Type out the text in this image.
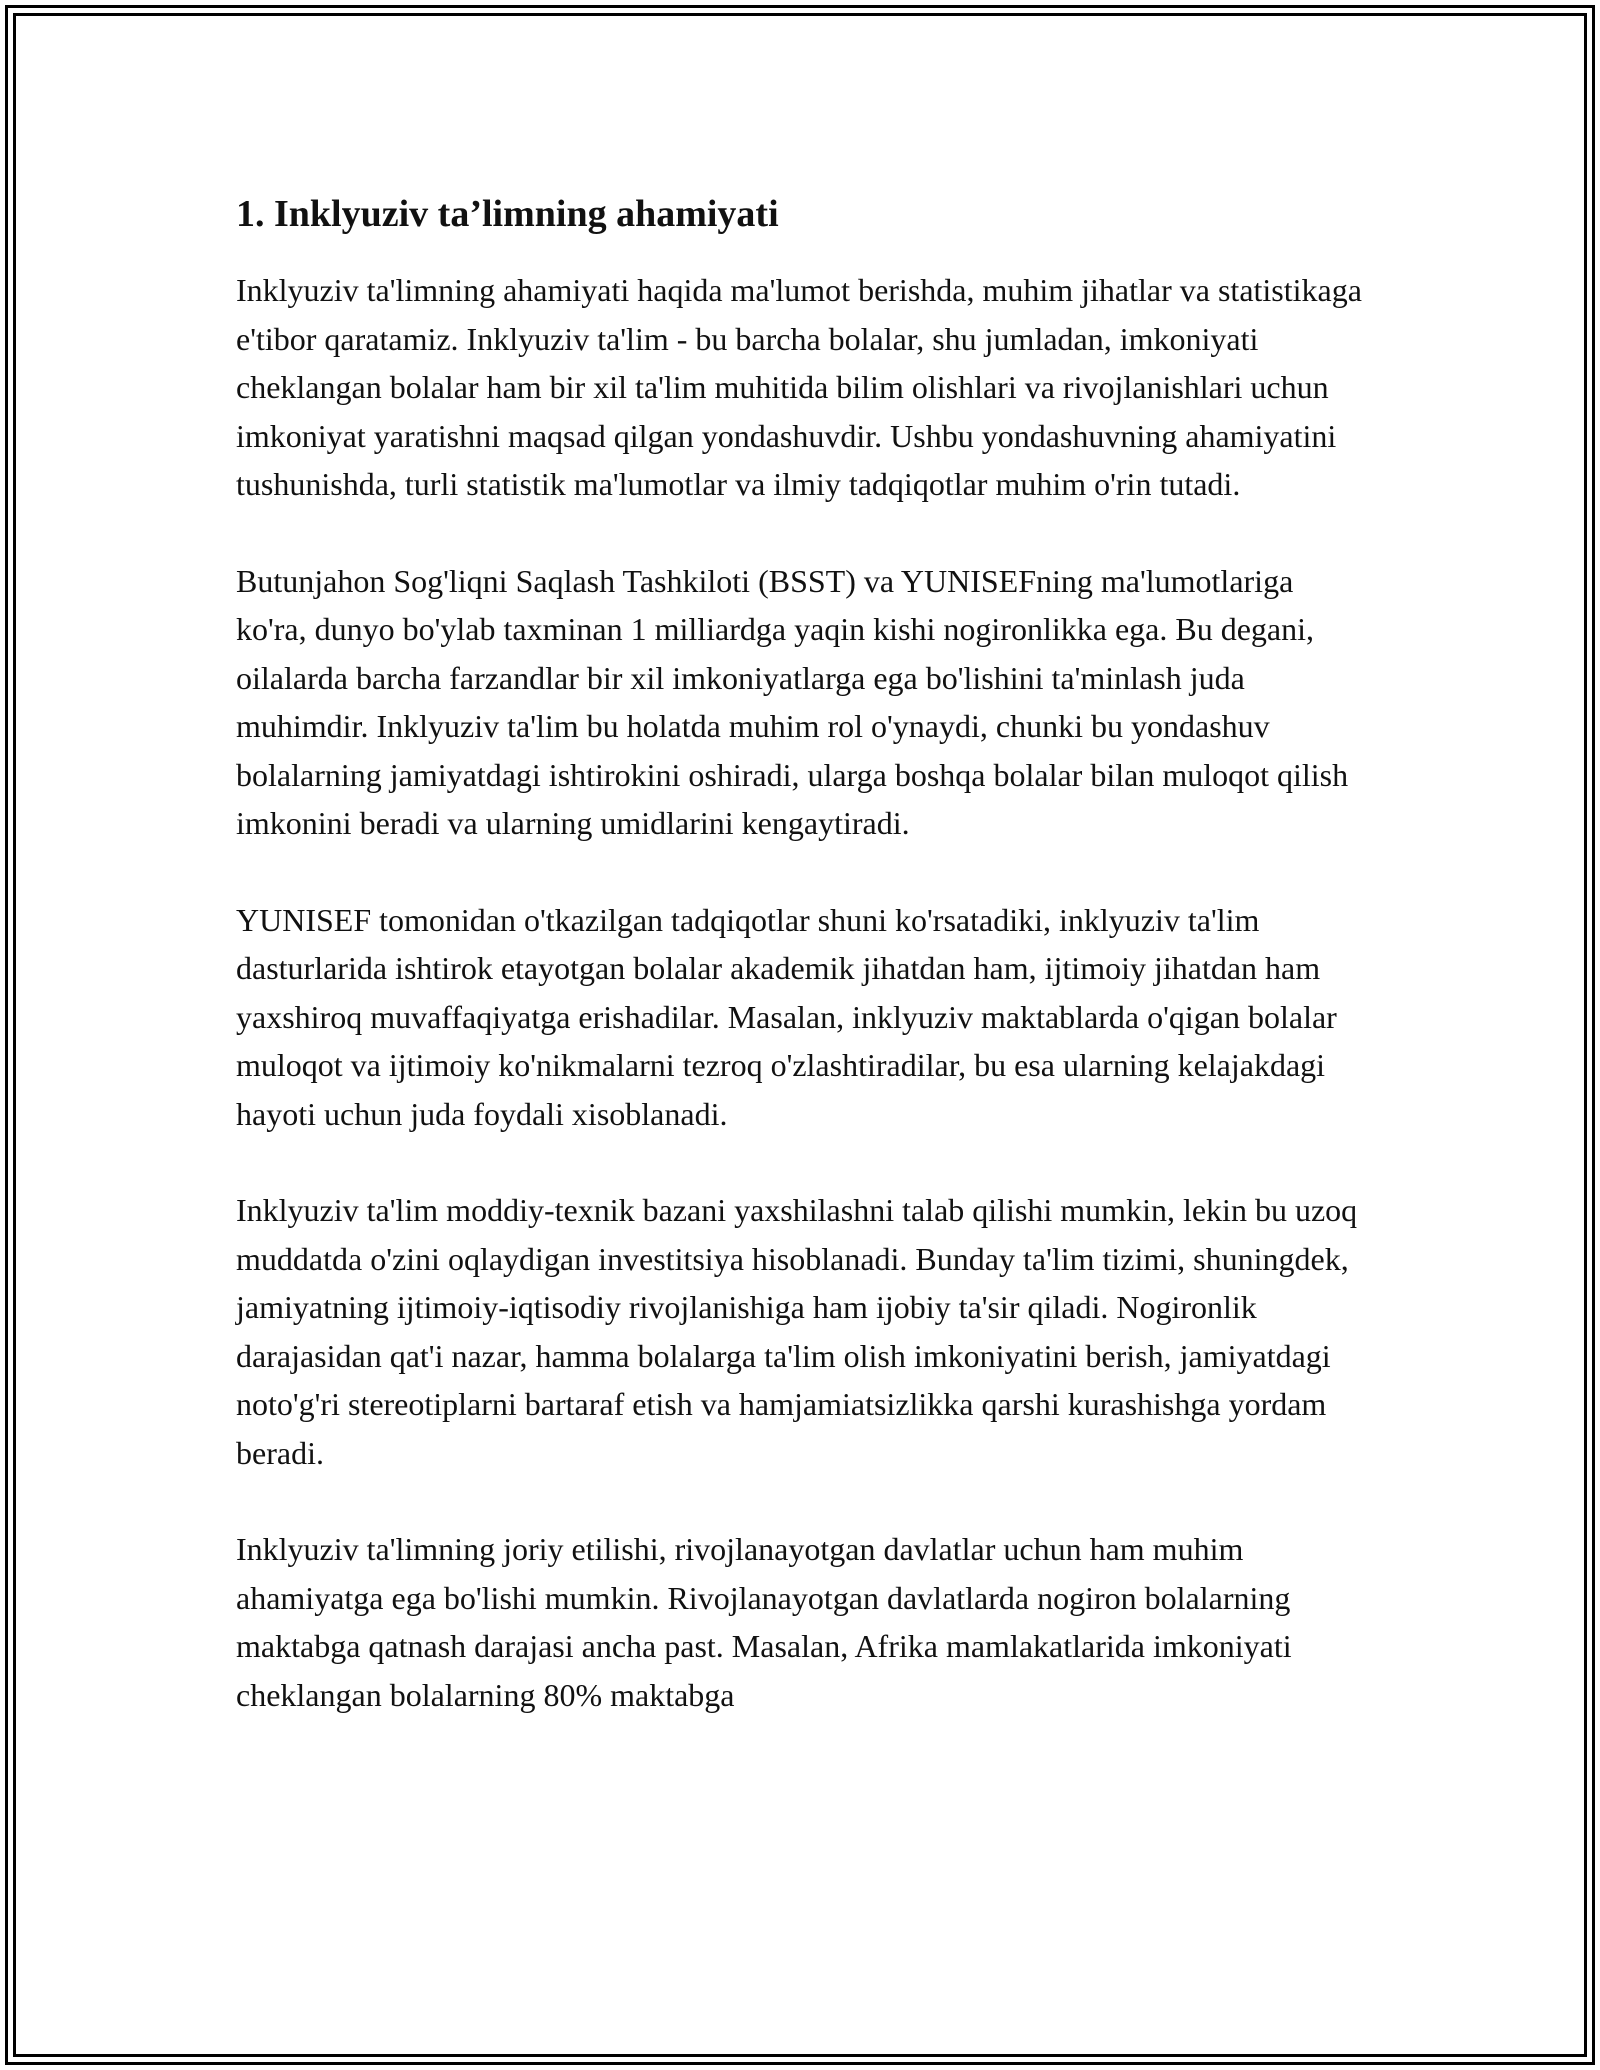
1. Inklyuziv ta’limning ahamiyati

Inklyuziv ta'limning ahamiyati haqida ma'lumot berishda, muhim jihatlar va statistikaga e'tibor qaratamiz. Inklyuziv ta'lim - bu barcha bolalar, shu jumladan, imkoniyati cheklangan bolalar ham bir xil ta'lim muhitida bilim olishlari va rivojlanishlari uchun imkoniyat yaratishni maqsad qilgan yondashuvdir. Ushbu yondashuvning ahamiyatini tushunishda, turli statistik ma'lumotlar va ilmiy tadqiqotlar muhim o'rin tutadi.

Butunjahon Sog'liqni Saqlash Tashkiloti (BSST) va YUNISEFning ma'lumotlariga ko'ra, dunyo bo'ylab taxminan 1 milliardga yaqin kishi nogironlikka ega. Bu degani, oilalarda barcha farzandlar bir xil imkoniyatlarga ega bo'lishini ta'minlash juda muhimdir. Inklyuziv ta'lim bu holatda muhim rol o'ynaydi, chunki bu yondashuv bolalarning jamiyatdagi ishtirokini oshiradi, ularga boshqa bolalar bilan muloqot qilish imkonini beradi va ularning umidlarini kengaytiradi.

YUNISEF tomonidan o'tkazilgan tadqiqotlar shuni ko'rsatadiki, inklyuziv ta'lim dasturlarida ishtirok etayotgan bolalar akademik jihatdan ham, ijtimoiy jihatdan ham yaxshiroq muvaffaqiyatga erishadilar. Masalan, inklyuziv maktablarda o'qigan bolalar muloqot va ijtimoiy ko'nikmalarni tezroq o'zlashtiradilar, bu esa ularning kelajakdagi hayoti uchun juda foydali xisoblanadi.

Inklyuziv ta'lim moddiy-texnik bazani yaxshilashni talab qilishi mumkin, lekin bu uzoq muddatda o'zini oqlaydigan investitsiya hisoblanadi. Bunday ta'lim tizimi, shuningdek, jamiyatning ijtimoiy-iqtisodiy rivojlanishiga ham ijobiy ta'sir qiladi. Nogironlik darajasidan qat'i nazar, hamma bolalarga ta'lim olish imkoniyatini berish, jamiyatdagi noto'g'ri stereotiplarni bartaraf etish va hamjamiatsizlikka qarshi kurashishga yordam beradi.

Inklyuziv ta'limning joriy etilishi, rivojlanayotgan davlatlar uchun ham muhim ahamiyatga ega bo'lishi mumkin. Rivojlanayotgan davlatlarda nogiron bolalarning maktabga qatnash darajasi ancha past. Masalan, Afrika mamlakatlarida imkoniyati cheklangan bolalarning 80% maktabga
